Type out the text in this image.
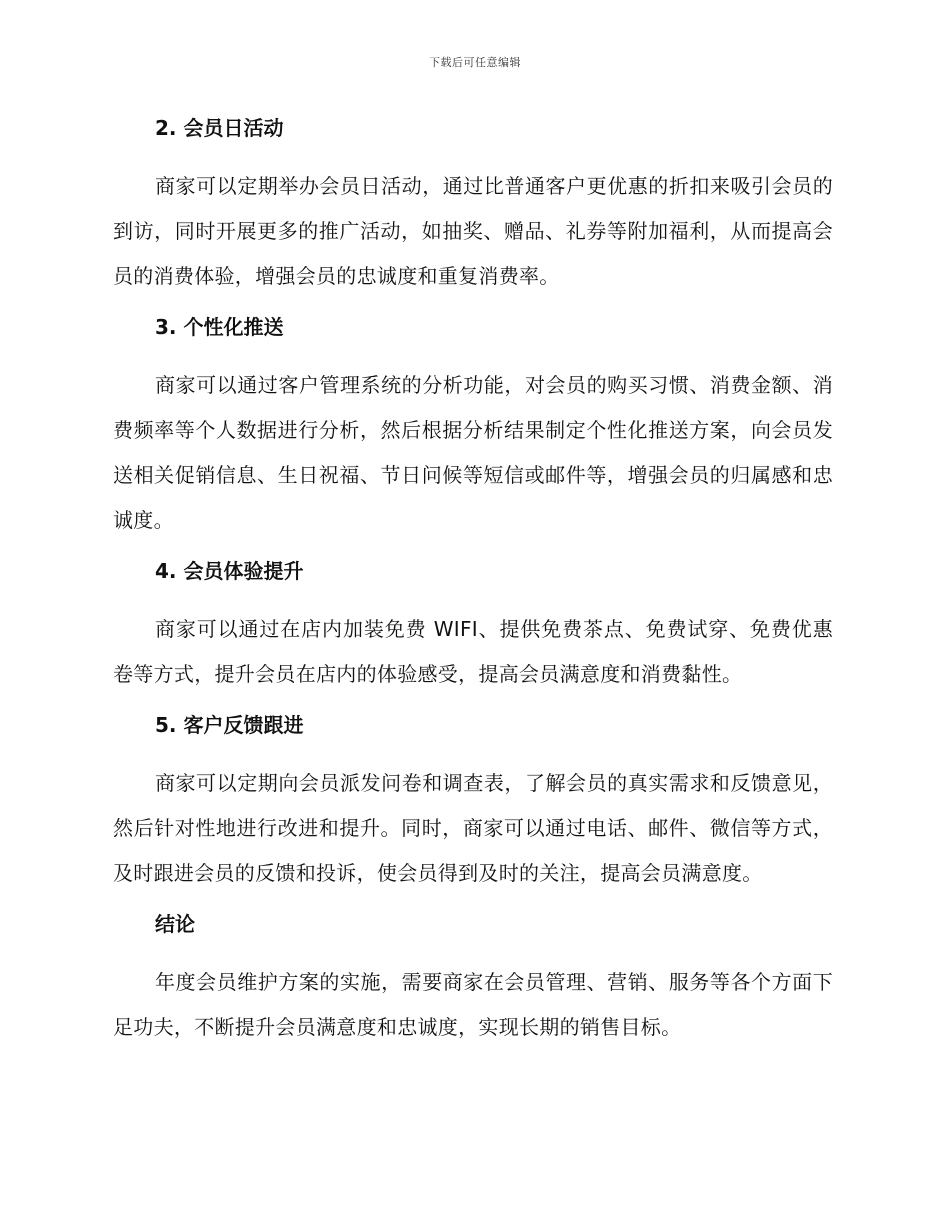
下载后可任意编辑
2. 会员日活动

商家可以定期举办会员日活动，通过比普通客户更优惠的折扣来吸引会员的到访，同时开展更多的推广活动，如抽奖、赠品、礼券等附加福利，从而提高会员的消费体验，增强会员的忠诚度和重复消费率。

3. 个性化推送

商家可以通过客户管理系统的分析功能，对会员的购买习惯、消费金额、消费频率等个人数据进行分析，然后根据分析结果制定个性化推送方案，向会员发送相关促销信息、生日祝福、节日问候等短信或邮件等，增强会员的归属感和忠诚度。

4. 会员体验提升

商家可以通过在店内加装免费 WIFI、提供免费茶点、免费试穿、免费优惠卷等方式，提升会员在店内的体验感受，提高会员满意度和消费黏性。

5. 客户反馈跟进

商家可以定期向会员派发问卷和调查表，了解会员的真实需求和反馈意见，然后针对性地进行改进和提升。同时，商家可以通过电话、邮件、微信等方式，及时跟进会员的反馈和投诉，使会员得到及时的关注，提高会员满意度。

结论

年度会员维护方案的实施，需要商家在会员管理、营销、服务等各个方面下足功夫，不断提升会员满意度和忠诚度，实现长期的销售目标。
